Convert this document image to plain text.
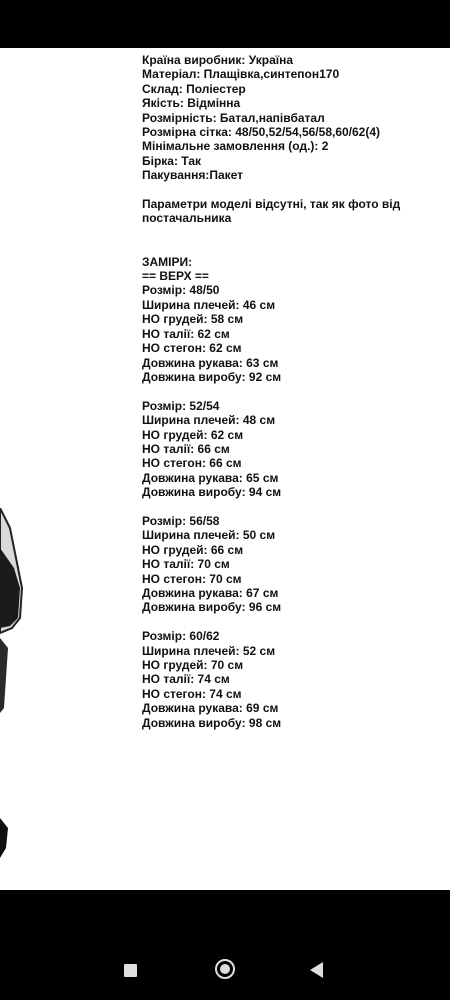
Країна виробник: Україна
Матеріал: Плащівка,синтепон170
Склад: Поліестер
Якість: Відмінна
Розмірність: Батал,напівбатал
Розмірна сітка: 48/50,52/54,56/58,60/62(4)
Мінімальне замовлення (од.): 2
Бірка: Так
Пакування:Пакет
Параметри моделі відсутні, так як фото від
постачальника
ЗАМІРИ:
== ВЕРХ ==
Розмір: 48/50
Ширина плечей: 46 см
НО грудей: 58 см
НО талії: 62 см
НО стегон: 62 см
Довжина рукава: 63 см
Довжина виробу: 92 см
Розмір: 52/54
Ширина плечей: 48 см
НО грудей: 62 см
НО талії: 66 см
НО стегон: 66 см
Довжина рукава: 65 см
Довжина виробу: 94 см
Розмір: 56/58
Ширина плечей: 50 см
НО грудей: 66 см
НО талії: 70 см
НО стегон: 70 см
Довжина рукава: 67 см
Довжина виробу: 96 см
Розмір: 60/62
Ширина плечей: 52 см
НО грудей: 70 см
НО талії: 74 см
НО стегон: 74 см
Довжина рукава: 69 см
Довжина виробу: 98 см
